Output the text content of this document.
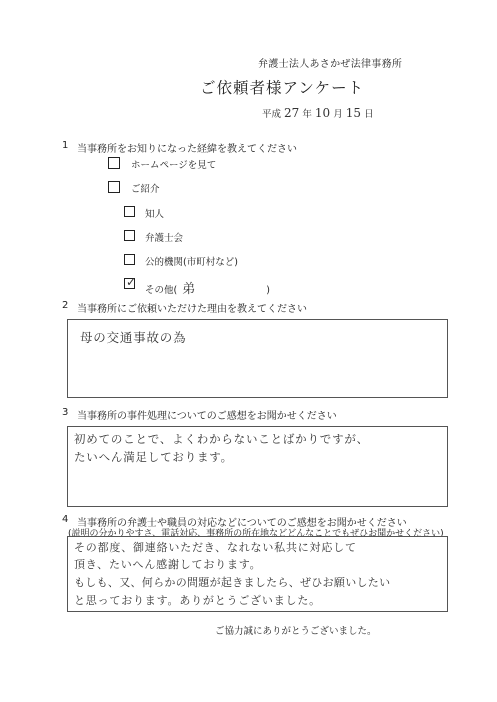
弁護士法人あさかぜ法律事務所
ご依頼者様アンケート
平成 27 年 10 月 15 日
1 当事務所をお知りになった経緯を教えてください
ホームページを見て
ご紹介
知人
弁護士会
公的機関(市町村など)
✓
その他( 弟	)
2 当事務所にご依頼いただけた理由を教えてください
母の交通事故の為
3 当事務所の事件処理についてのご感想をお聞かせください
初めてのことで、よくわからないことばかりですが、
たいへん満足しております。
4 当事務所の弁護士や職員の対応などについてのご感想をお聞かせください
(説明の分かりやすさ、電話対応、事務所の所在地などどんなことでもぜひお聞かせください)
その都度、御連絡いただき、なれない私共に対応して
頂き、たいへん感謝しております。
もしも、又、何らかの問題が起きましたら、ぜひお願いしたい
と思っております。ありがとうございました。
ご協力誠にありがとうございました。
